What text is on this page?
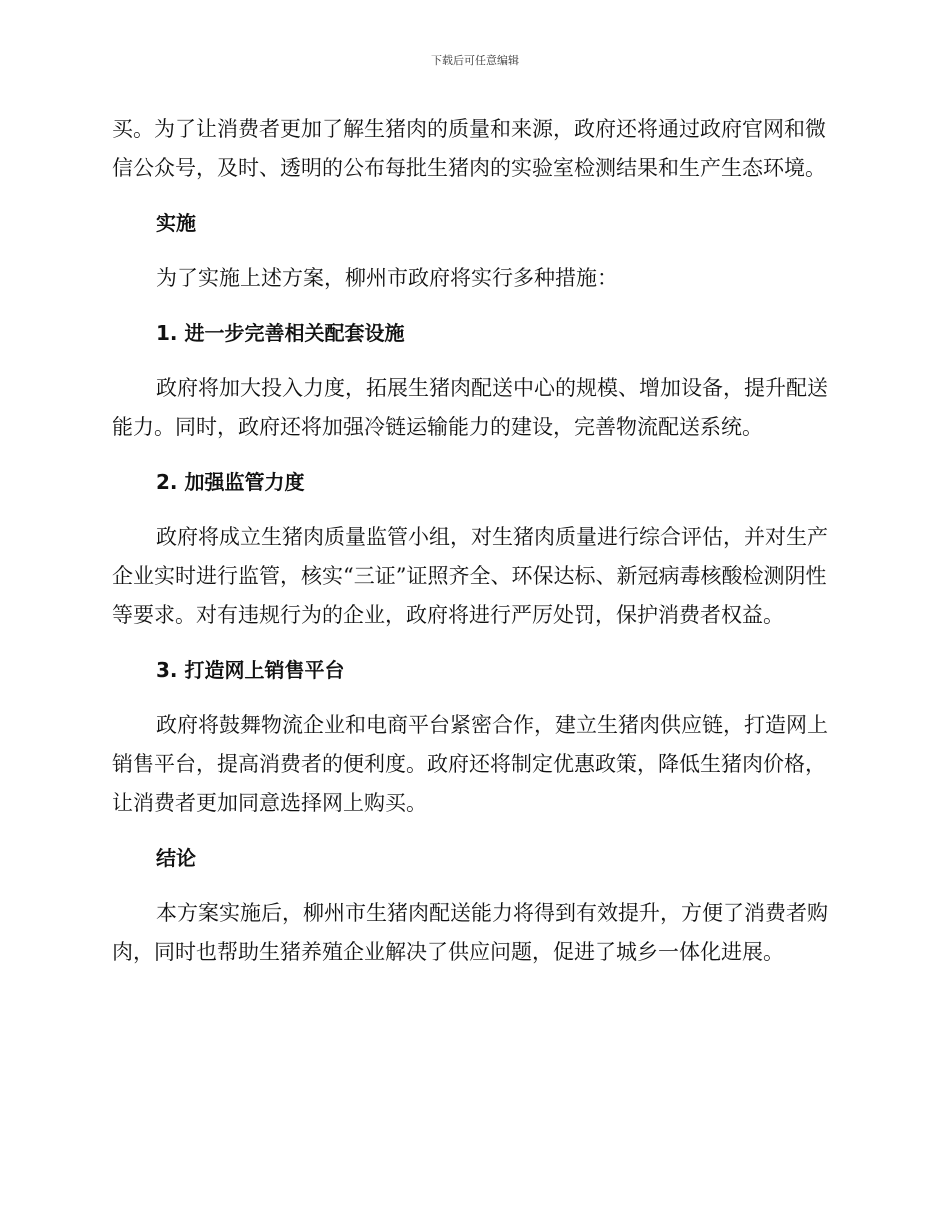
下载后可任意编辑

买。为了让消费者更加了解生猪肉的质量和来源，政府还将通过政府官网和微信公众号，及时、透明的公布每批生猪肉的实验室检测结果和生产生态环境。

实施

为了实施上述方案，柳州市政府将实行多种措施：

1. 进一步完善相关配套设施

政府将加大投入力度，拓展生猪肉配送中心的规模、增加设备，提升配送能力。同时，政府还将加强冷链运输能力的建设，完善物流配送系统。

2. 加强监管力度

政府将成立生猪肉质量监管小组，对生猪肉质量进行综合评估，并对生产企业实时进行监管，核实“三证”证照齐全、环保达标、新冠病毒核酸检测阴性等要求。对有违规行为的企业，政府将进行严厉处罚，保护消费者权益。

3. 打造网上销售平台

政府将鼓舞物流企业和电商平台紧密合作，建立生猪肉供应链，打造网上销售平台，提高消费者的便利度。政府还将制定优惠政策，降低生猪肉价格，让消费者更加同意选择网上购买。

结论

本方案实施后，柳州市生猪肉配送能力将得到有效提升，方便了消费者购肉，同时也帮助生猪养殖企业解决了供应问题，促进了城乡一体化进展。
